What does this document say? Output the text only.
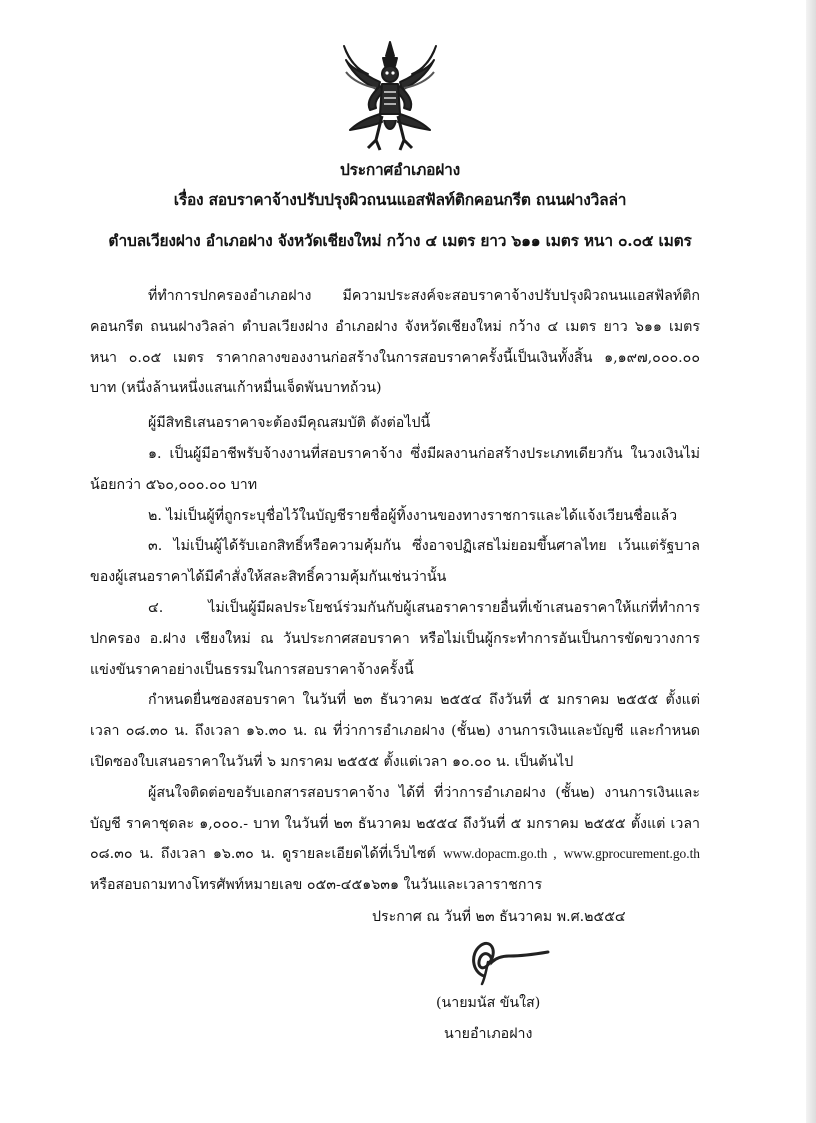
ประกาศอำเภอฝาง
เรื่อง สอบราคาจ้างปรับปรุงผิวถนนแอสฟัลท์ติกคอนกรีต ถนนฝางวิลล่า
ตำบลเวียงฝาง อำเภอฝาง จังหวัดเชียงใหม่ กว้าง ๔ เมตร ยาว ๖๑๑ เมตร หนา ๐.๐๕ เมตร

ที่ทำการปกครองอำเภอฝาง มีความประสงค์จะสอบราคาจ้างปรับปรุงผิวถนนแอสฟัลท์ติกคอนกรีต ถนนฝางวิลล่า ตำบลเวียงฝาง อำเภอฝาง จังหวัดเชียงใหม่ กว้าง ๔ เมตร ยาว ๖๑๑ เมตร หนา ๐.๐๕ เมตร ราคากลางของงานก่อสร้างในการสอบราคาครั้งนี้เป็นเงินทั้งสิ้น ๑,๑๙๗,๐๐๐.๐๐ บาท (หนึ่งล้านหนึ่งแสนเก้าหมื่นเจ็ดพันบาทถ้วน)

ผู้มีสิทธิเสนอราคาจะต้องมีคุณสมบัติ ดังต่อไปนี้

๑. เป็นผู้มีอาชีพรับจ้างงานที่สอบราคาจ้าง ซึ่งมีผลงานก่อสร้างประเภทเดียวกัน ในวงเงินไม่น้อยกว่า ๕๖๐,๐๐๐.๐๐ บาท

๒. ไม่เป็นผู้ที่ถูกระบุชื่อไว้ในบัญชีรายชื่อผู้ทิ้งงานของทางราชการและได้แจ้งเวียนชื่อแล้ว

๓. ไม่เป็นผู้ได้รับเอกสิทธิ์หรือความคุ้มกัน ซึ่งอาจปฏิเสธไม่ยอมขึ้นศาลไทย เว้นแต่รัฐบาลของผู้เสนอราคาได้มีคำสั่งให้สละสิทธิ์ความคุ้มกันเช่นว่านั้น

๔. ไม่เป็นผู้มีผลประโยชน์ร่วมกันกับผู้เสนอราคารายอื่นที่เข้าเสนอราคาให้แก่ที่ทำการปกครอง อ.ฝาง เชียงใหม่ ณ วันประกาศสอบราคา หรือไม่เป็นผู้กระทำการอันเป็นการขัดขวางการแข่งขันราคาอย่างเป็นธรรมในการสอบราคาจ้างครั้งนี้

กำหนดยื่นซองสอบราคา ในวันที่ ๒๓ ธันวาคม ๒๕๕๔ ถึงวันที่ ๕ มกราคม ๒๕๕๕ ตั้งแต่เวลา ๐๘.๓๐ น. ถึงเวลา ๑๖.๓๐ น. ณ ที่ว่าการอำเภอฝาง (ชั้น๒) งานการเงินและบัญชี และกำหนดเปิดซองใบเสนอราคาในวันที่ ๖ มกราคม ๒๕๕๕ ตั้งแต่เวลา ๑๐.๐๐ น. เป็นต้นไป

ผู้สนใจติดต่อขอรับเอกสารสอบราคาจ้าง ได้ที่ ที่ว่าการอำเภอฝาง (ชั้น๒) งานการเงินและบัญชี ราคาชุดละ ๑,๐๐๐.- บาท ในวันที่ ๒๓ ธันวาคม ๒๕๕๔ ถึงวันที่ ๕ มกราคม ๒๕๕๕ ตั้งแต่ เวลา ๐๘.๓๐ น. ถึงเวลา ๑๖.๓๐ น. ดูรายละเอียดได้ที่เว็บไซต์ www.dopacm.go.th , www.gprocurement.go.th หรือสอบถามทางโทรศัพท์หมายเลข ๐๕๓-๔๕๑๖๓๑ ในวันและเวลาราชการ

ประกาศ ณ วันที่ ๒๓ ธันวาคม พ.ศ.๒๕๕๔
(นายมนัส ขันใส)
นายอำเภอฝาง
